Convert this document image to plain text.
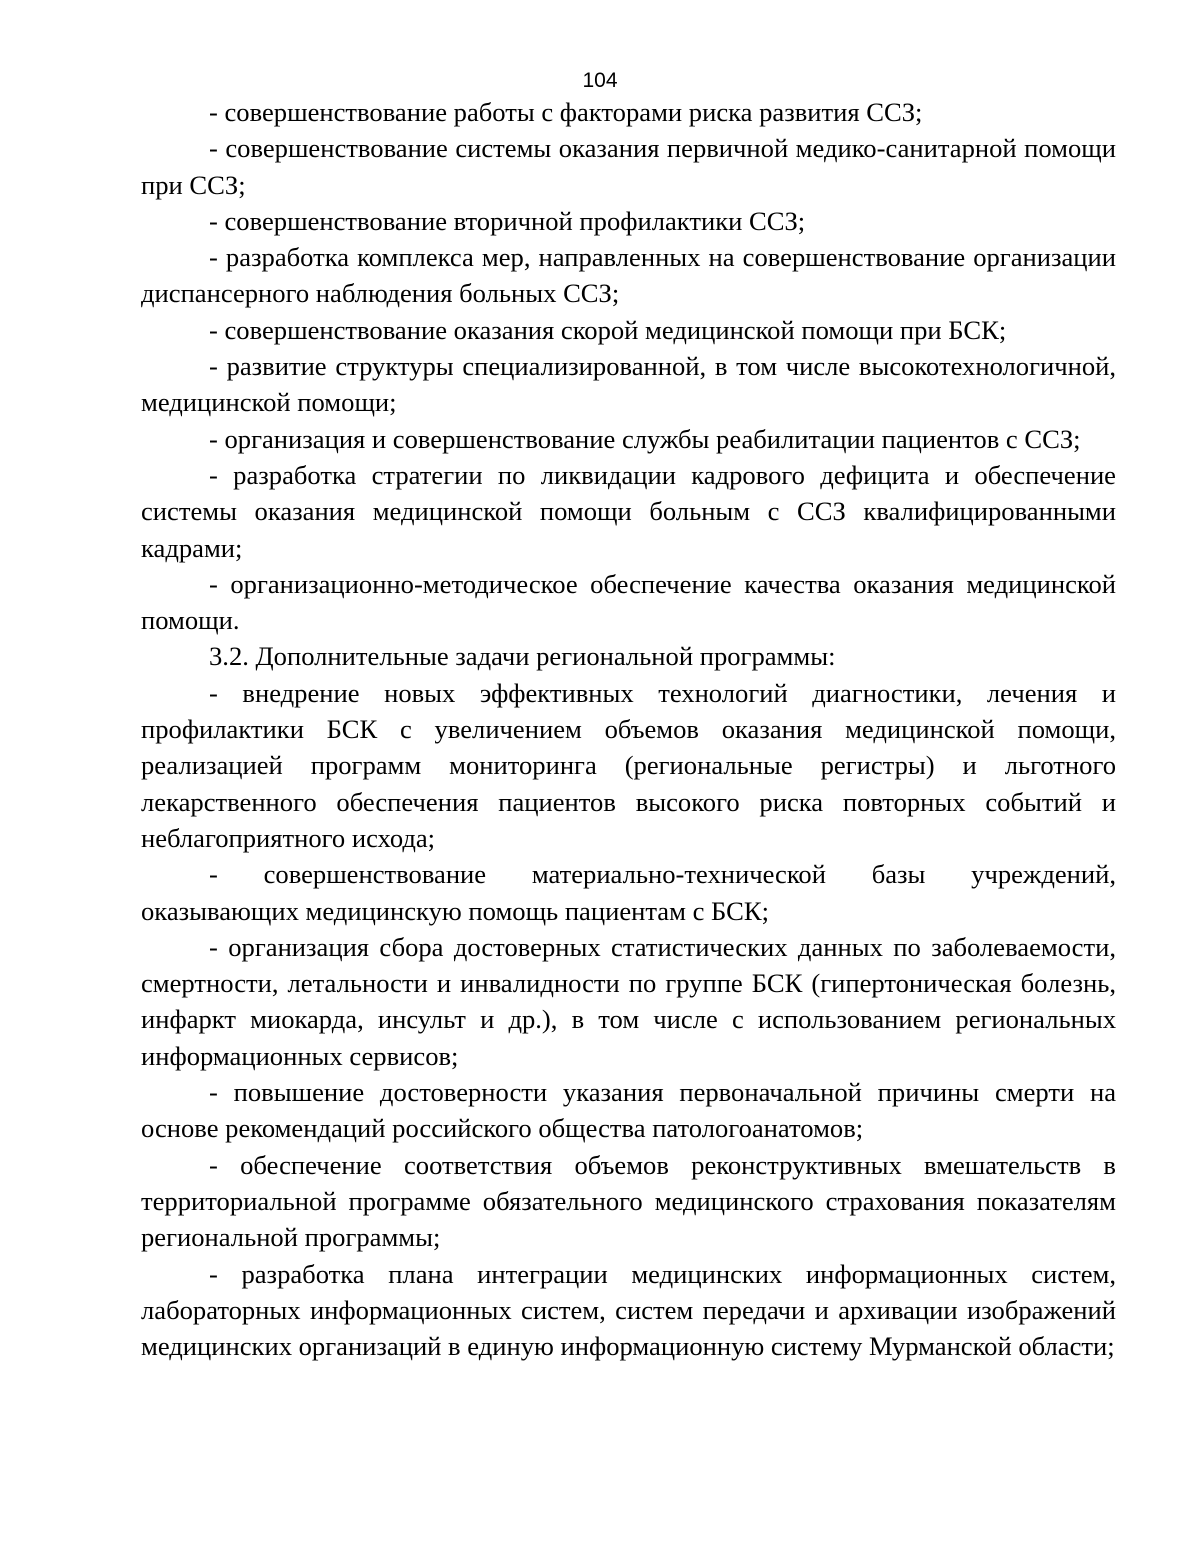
104

- совершенствование работы с факторами риска развития ССЗ;

- совершенствование системы оказания первичной медико-санитарной помощи при ССЗ;

- совершенствование вторичной профилактики ССЗ;

- разработка комплекса мер, направленных на совершенствование организации диспансерного наблюдения больных ССЗ;

- совершенствование оказания скорой медицинской помощи при БСК;

- развитие структуры специализированной, в том числе высокотехнологичной, медицинской помощи;

- организация и совершенствование службы реабилитации пациентов с ССЗ;

- разработка стратегии по ликвидации кадрового дефицита и обеспечение системы оказания медицинской помощи больным с ССЗ квалифицированными кадрами;

- организационно-методическое обеспечение качества оказания медицинской помощи.

3.2. Дополнительные задачи региональной программы:

- внедрение новых эффективных технологий диагностики, лечения и профилактики БСК с увеличением объемов оказания медицинской помощи, реализацией программ мониторинга (региональные регистры) и льготного лекарственного обеспечения пациентов высокого риска повторных событий и неблагоприятного исхода;

- совершенствование материально-технической базы учреждений, оказывающих медицинскую помощь пациентам с БСК;

- организация сбора достоверных статистических данных по заболеваемости, смертности, летальности и инвалидности по группе БСК (гипертоническая болезнь, инфаркт миокарда, инсульт и др.), в том числе с использованием региональных информационных сервисов;

- повышение достоверности указания первоначальной причины смерти на основе рекомендаций российского общества патологоанатомов;

- обеспечение соответствия объемов реконструктивных вмешательств в территориальной программе обязательного медицинского страхования показателям региональной программы;

- разработка плана интеграции медицинских информационных систем, лабораторных информационных систем, систем передачи и архивации изображений медицинских организаций в единую информационную систему Мурманской области;
